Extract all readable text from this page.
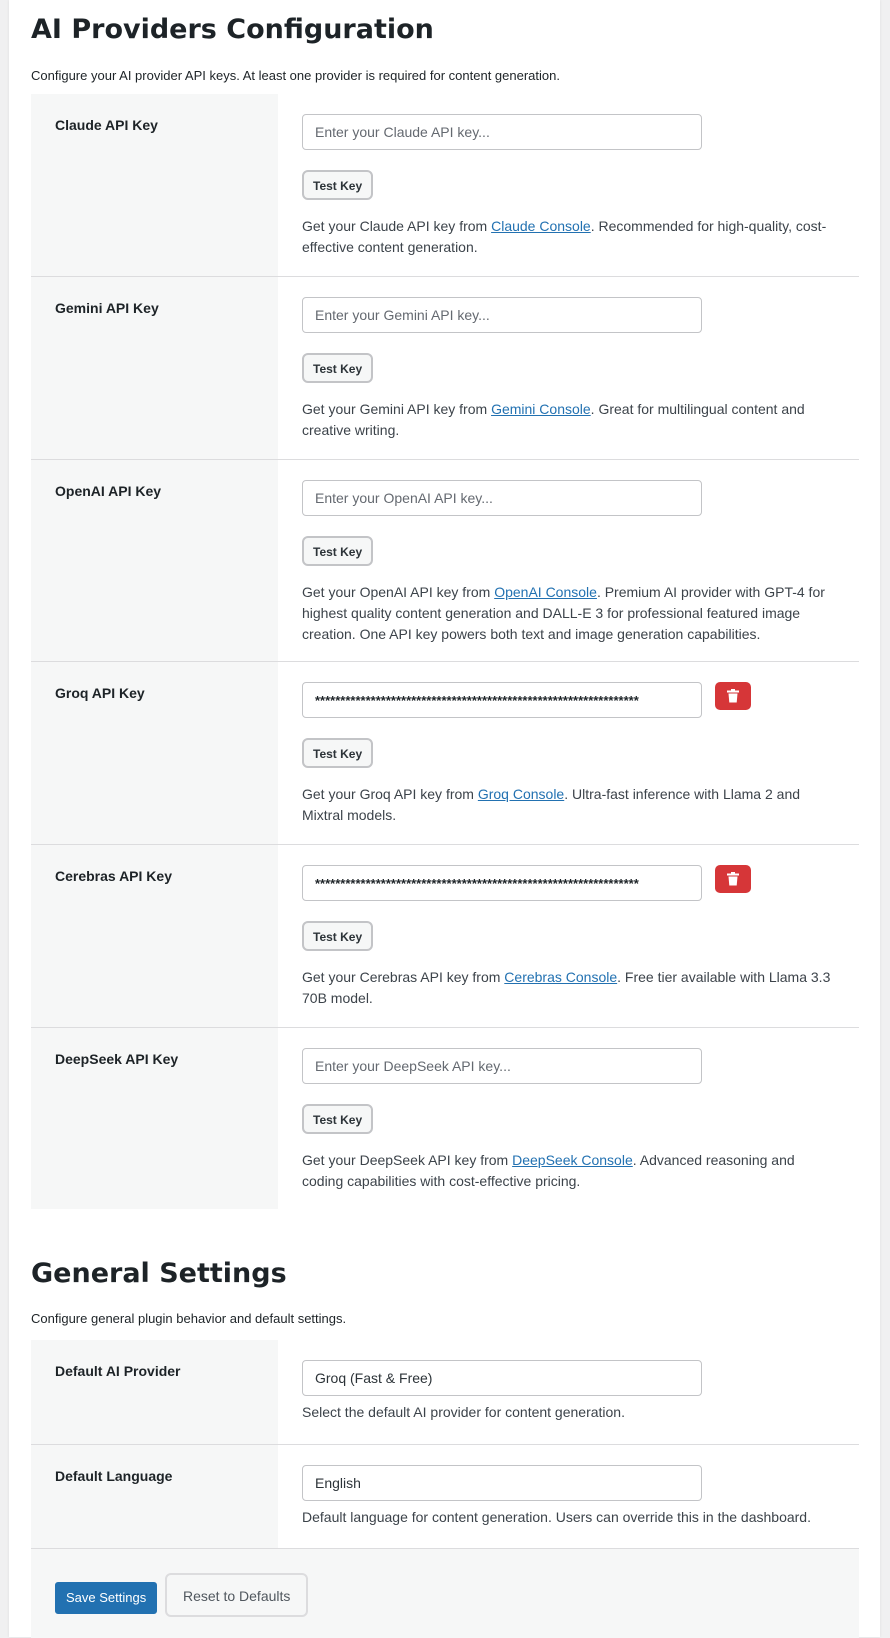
AI Providers Configuration
Configure your AI provider API keys. At least one provider is required for content generation.
Claude API Key	Enter your Claude API key...
Test Key
Get your Claude API key from Claude Console. Recommended for high-quality, cost-effective content generation.
Gemini API Key	Enter your Gemini API key...
Test Key
Get your Gemini API key from Gemini Console. Great for multilingual content and creative writing.
OpenAI API Key	Enter your OpenAI API key...
Test Key
Get your OpenAI API key from OpenAI Console. Premium AI provider with GPT-4 for highest quality content generation and DALL-E 3 for professional featured image creation. One API key powers both text and image generation capabilities.
Groq API Key	****************************************************************
Test Key
Get your Groq API key from Groq Console. Ultra-fast inference with Llama 2 and Mixtral models.
Cerebras API Key	****************************************************************
Test Key
Get your Cerebras API key from Cerebras Console. Free tier available with Llama 3.3 70B model.
DeepSeek API Key	Enter your DeepSeek API key...
Test Key
Get your DeepSeek API key from DeepSeek Console. Advanced reasoning and coding capabilities with cost-effective pricing.
General Settings
Configure general plugin behavior and default settings.
Default AI Provider	Groq (Fast & Free)
Select the default AI provider for content generation.
Default Language	English
Default language for content generation. Users can override this in the dashboard.
Save Settings	Reset to Defaults
